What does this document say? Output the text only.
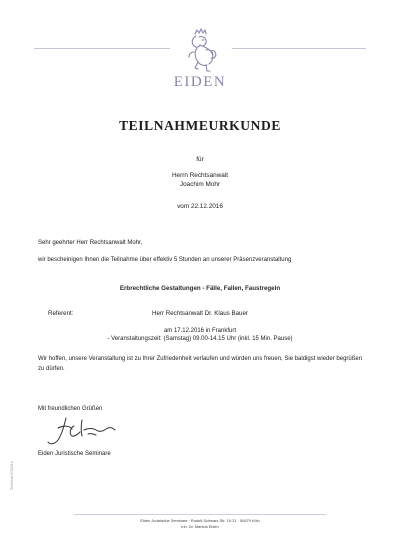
EIDEN
TEILNAHMEURKUNDE
für
Herrn Rechtsanwalt
Joachim Mohr
vom 22.12.2016
Sehr geehrter Herr Rechtsanwalt Mohr,
wir bescheinigen Ihnen die Teilnahme über effektiv 5 Stunden an unserer Präsenzveranstaltung
Erbrechtliche Gestaltungen - Fälle, Fallen, Faustregeln
Referent:	Herr Rechtsanwalt Dr. Klaus Bauer
am 17.12.2016 in Frankfurt
- Veranstaltungszeit: (Samstag) 09.00-14.15 Uhr (inkl. 15 Min. Pause)
Wir hoffen, unsere Veranstaltung ist zu Ihrer Zufriedenheit verlaufen und würden uns freuen, Sie baldigst wieder begrüßen zu dürfen.
Mit freundlichen Grüßen
Eiden Juristische Seminare
Zertifikat 0762016
Eiden Juristische Seminare · Rudolf-Schwarz-Str. 19-21 · 50679 Köln
Inh. Dr. Markus Eiden
